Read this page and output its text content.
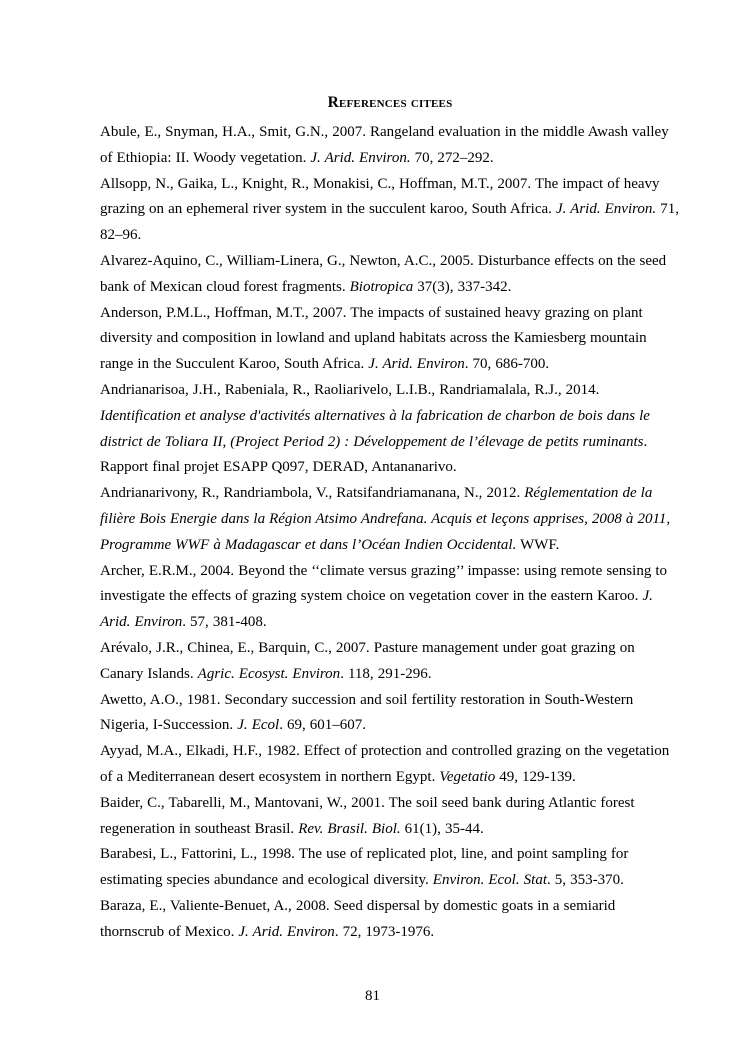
References citees

Abule, E., Snyman, H.A., Smit, G.N., 2007. Rangeland evaluation in the middle Awash valley of Ethiopia: II. Woody vegetation. J. Arid. Environ. 70, 272–292.

Allsopp, N., Gaika, L., Knight, R., Monakisi, C., Hoffman, M.T., 2007. The impact of heavy grazing on an ephemeral river system in the succulent karoo, South Africa. J. Arid. Environ. 71, 82–96.

Alvarez-Aquino, C., William-Linera, G., Newton, A.C., 2005. Disturbance effects on the seed bank of Mexican cloud forest fragments. Biotropica 37(3), 337-342.

Anderson, P.M.L., Hoffman, M.T., 2007. The impacts of sustained heavy grazing on plant diversity and composition in lowland and upland habitats across the Kamiesberg mountain range in the Succulent Karoo, South Africa. J. Arid. Environ. 70, 686-700.

Andrianarisoa, J.H., Rabeniala, R., Raoliarivelo, L.I.B., Randriamalala, R.J., 2014. Identification et analyse d'activités alternatives à la fabrication de charbon de bois dans le district de Toliara II, (Project Period 2) : Développement de l’élevage de petits ruminants. Rapport final projet ESAPP Q097, DERAD, Antananarivo.

Andrianarivony, R., Randriambola, V., Ratsifandriamanana, N., 2012. Réglementation de la filière Bois Energie dans la Région Atsimo Andrefana. Acquis et leçons apprises, 2008 à 2011, Programme WWF à Madagascar et dans l’Océan Indien Occidental. WWF.

Archer, E.R.M., 2004. Beyond the ‘‘climate versus grazing’’ impasse: using remote sensing to investigate the effects of grazing system choice on vegetation cover in the eastern Karoo. J. Arid. Environ. 57, 381-408.

Arévalo, J.R., Chinea, E., Barquin, C., 2007. Pasture management under goat grazing on Canary Islands. Agric. Ecosyst. Environ. 118, 291-296.

Awetto, A.O., 1981. Secondary succession and soil fertility restoration in South-Western Nigeria, I-Succession. J. Ecol. 69, 601–607.

Ayyad, M.A., Elkadi, H.F., 1982. Effect of protection and controlled grazing on the vegetation of a Mediterranean desert ecosystem in northern Egypt. Vegetatio 49, 129-139.

Baider, C., Tabarelli, M., Mantovani, W., 2001. The soil seed bank during Atlantic forest regeneration in southeast Brasil. Rev. Brasil. Biol. 61(1), 35-44.

Barabesi, L., Fattorini, L., 1998. The use of replicated plot, line, and point sampling for estimating species abundance and ecological diversity. Environ. Ecol. Stat. 5, 353-370.

Baraza, E., Valiente-Benuet, A., 2008. Seed dispersal by domestic goats in a semiarid thornscrub of Mexico. J. Arid. Environ. 72, 1973-1976.

81
